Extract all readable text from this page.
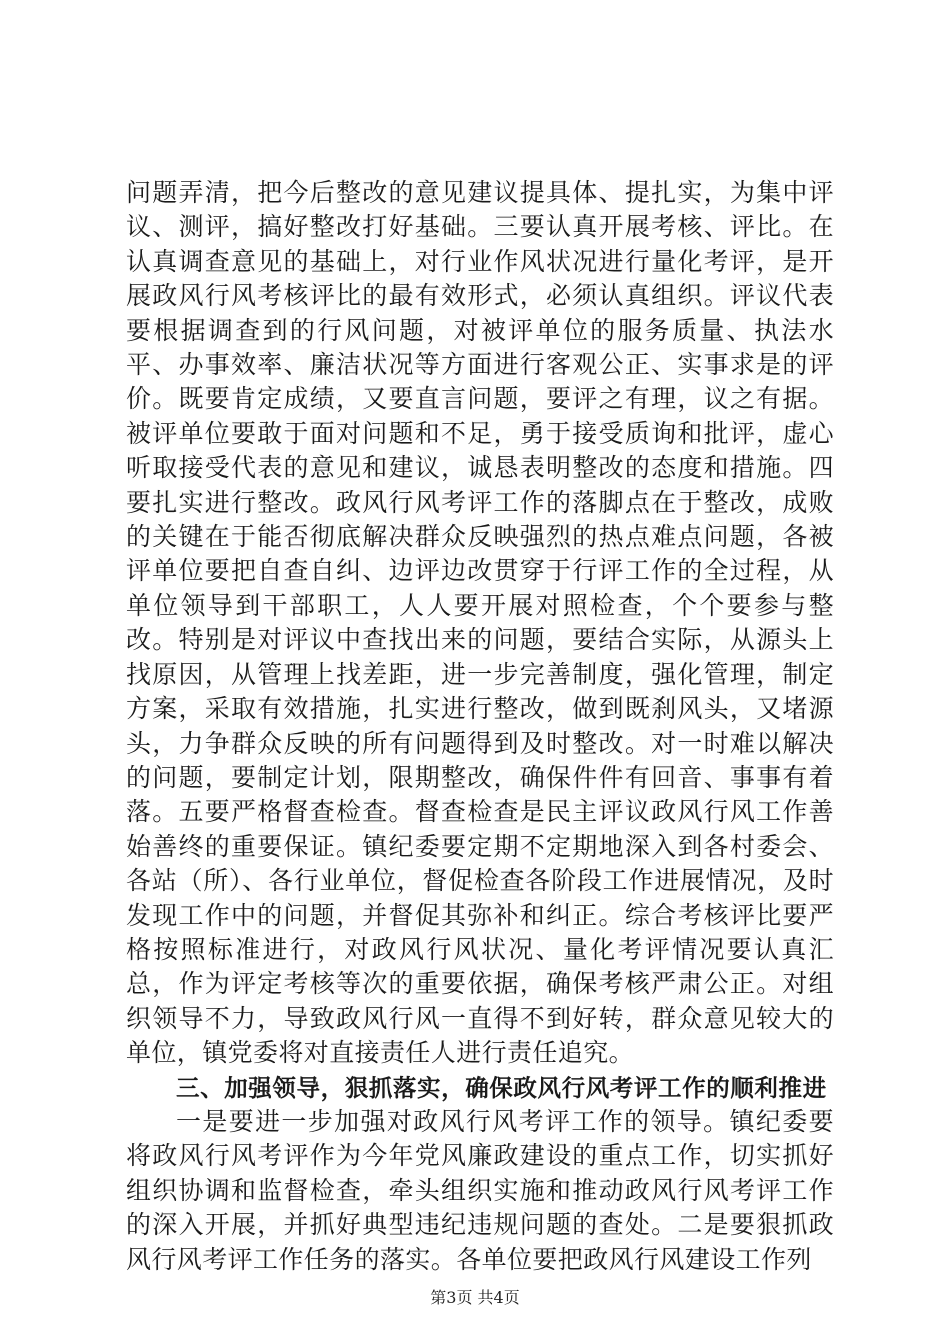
问题弄清，把今后整改的意见建议提具体、提扎实，为集中评议、测评，搞好整改打好基础。三要认真开展考核、评比。在认真调查意见的基础上，对行业作风状况进行量化考评，是开展政风行风考核评比的最有效形式，必须认真组织。评议代表要根据调查到的行风问题，对被评单位的服务质量、执法水平、办事效率、廉洁状况等方面进行客观公正、实事求是的评价。既要肯定成绩，又要直言问题，要评之有理，议之有据。被评单位要敢于面对问题和不足，勇于接受质询和批评，虚心听取接受代表的意见和建议，诚恳表明整改的态度和措施。四要扎实进行整改。政风行风考评工作的落脚点在于整改，成败的关键在于能否彻底解决群众反映强烈的热点难点问题，各被评单位要把自查自纠、边评边改贯穿于行评工作的全过程，从单位领导到干部职工，人人要开展对照检查，个个要参与整改。特别是对评议中查找出来的问题，要结合实际，从源头上找原因，从管理上找差距，进一步完善制度，强化管理，制定方案，采取有效措施，扎实进行整改，做到既刹风头，又堵源头，力争群众反映的所有问题得到及时整改。对一时难以解决的问题，要制定计划，限期整改，确保件件有回音、事事有着落。五要严格督查检查。督查检查是民主评议政风行风工作善始善终的重要保证。镇纪委要定期不定期地深入到各村委会、各站（所）、各行业单位，督促检查各阶段工作进展情况，及时发现工作中的问题，并督促其弥补和纠正。综合考核评比要严格按照标准进行，对政风行风状况、量化考评情况要认真汇总，作为评定考核等次的重要依据，确保考核严肃公正。对组织领导不力，导致政风行风一直得不到好转，群众意见较大的单位，镇党委将对直接责任人进行责任追究。

三、加强领导，狠抓落实，确保政风行风考评工作的顺利推进

一是要进一步加强对政风行风考评工作的领导。镇纪委要将政风行风考评作为今年党风廉政建设的重点工作，切实抓好组织协调和监督检查，牵头组织实施和推动政风行风考评工作的深入开展，并抓好典型违纪违规问题的查处。二是要狠抓政风行风考评工作任务的落实。各单位要把政风行风建设工作列

第3页 共4页
